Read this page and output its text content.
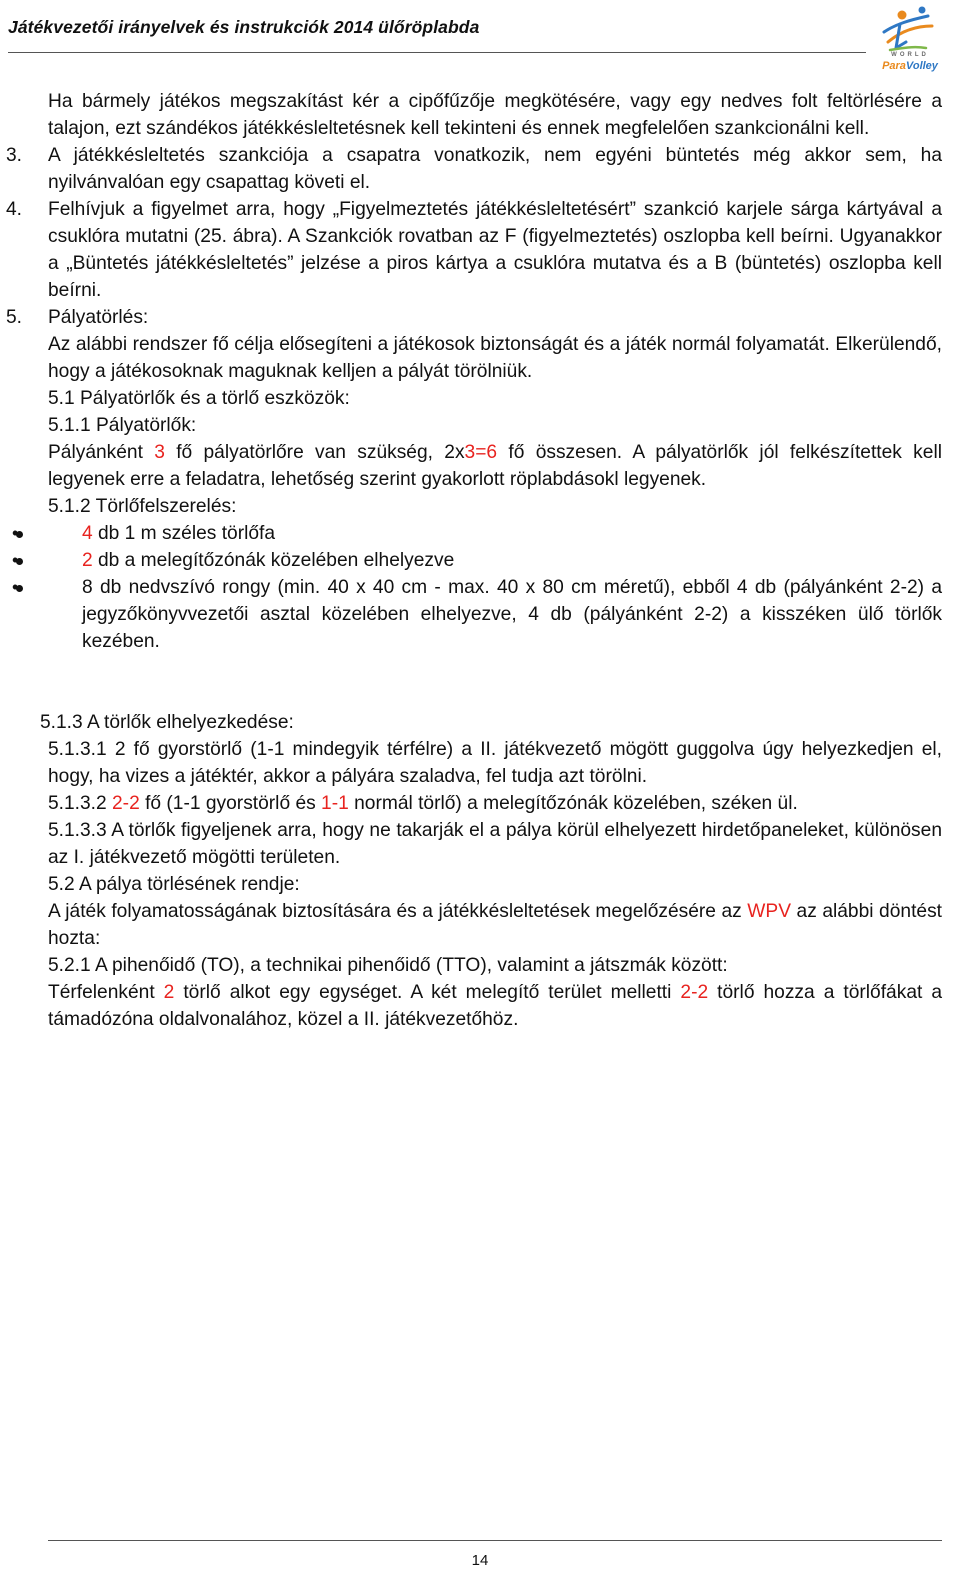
Játékvezetői irányelvek és instrukciók 2014 ülőröplabda
WORLD
ParaVolley

Ha bármely játékos megszakítást kér a cipőfűzője megkötésére, vagy egy nedves folt feltörlésére a talajon, ezt szándékos játékkésleltetésnek kell tekinteni és ennek megfelelően szankcionálni kell.

3. A játékkésleltetés szankciója a csapatra vonatkozik, nem egyéni büntetés még akkor sem, ha nyilvánvalóan egy csapattag követi el.

4. Felhívjuk a figyelmet arra, hogy „Figyelmeztetés játékkésleltetésért” szankció karjele sárga kártyával a csuklóra mutatni (25. ábra). A Szankciók rovatban az F (figyelmeztetés) oszlopba kell beírni. Ugyanakkor a „Büntetés játékkésleltetés” jelzése a piros kártya a csuklóra mutatva és a B (büntetés) oszlopba kell beírni.

5. Pályatörlés:

Az alábbi rendszer fő célja elősegíteni a játékosok biztonságát és a játék normál folyamatát. Elkerülendő, hogy a játékosoknak maguknak kelljen a pályát törölniük.

5.1 Pályatörlők és a törlő eszközök:

5.1.1 Pályatörlők:

Pályánként 3 fő pályatörlőre van szükség, 2x3=6 fő összesen. A pályatörlők jól felkészítettek kell legyenek erre a feladatra, lehetőség szerint gyakorlott röplabdásokl legyenek.

5.1.2 Törlőfelszerelés:

• 4 db 1 m széles törlőfa
• 2 db a melegítőzónák közelében elhelyezve
• 8 db nedvszívó rongy (min. 40 x 40 cm - max. 40 x 80 cm méretű), ebből 4 db (pályánként 2-2) a jegyzőkönyvvezetői asztal közelében elhelyezve, 4 db (pályánként 2-2) a kisszéken ülő törlők kezében.

5.1.3 A törlők elhelyezkedése:

5.1.3.1 2 fő gyorstörlő (1-1 mindegyik térfélre) a II. játékvezető mögött guggolva úgy helyezkedjen el, hogy, ha vizes a játéktér, akkor a pályára szaladva, fel tudja azt törölni.

5.1.3.2 2-2 fő (1-1 gyorstörlő és 1-1 normál törlő) a melegítőzónák közelében, széken ül.

5.1.3.3 A törlők figyeljenek arra, hogy ne takarják el a pálya körül elhelyezett hirdetőpaneleket, különösen az I. játékvezető mögötti területen.

5.2 A pálya törlésének rendje:

A játék folyamatosságának biztosítására és a játékkésleltetések megelőzésére az WPV az alábbi döntést hozta:

5.2.1 A pihenőidő (TO), a technikai pihenőidő (TTO), valamint a játszmák között:

Térfelenként 2 törlő alkot egy egységet. A két melegítő terület melletti 2-2 törlő hozza a törlőfákat a támadózóna oldalvonalához, közel a II. játékvezetőhöz.

14
